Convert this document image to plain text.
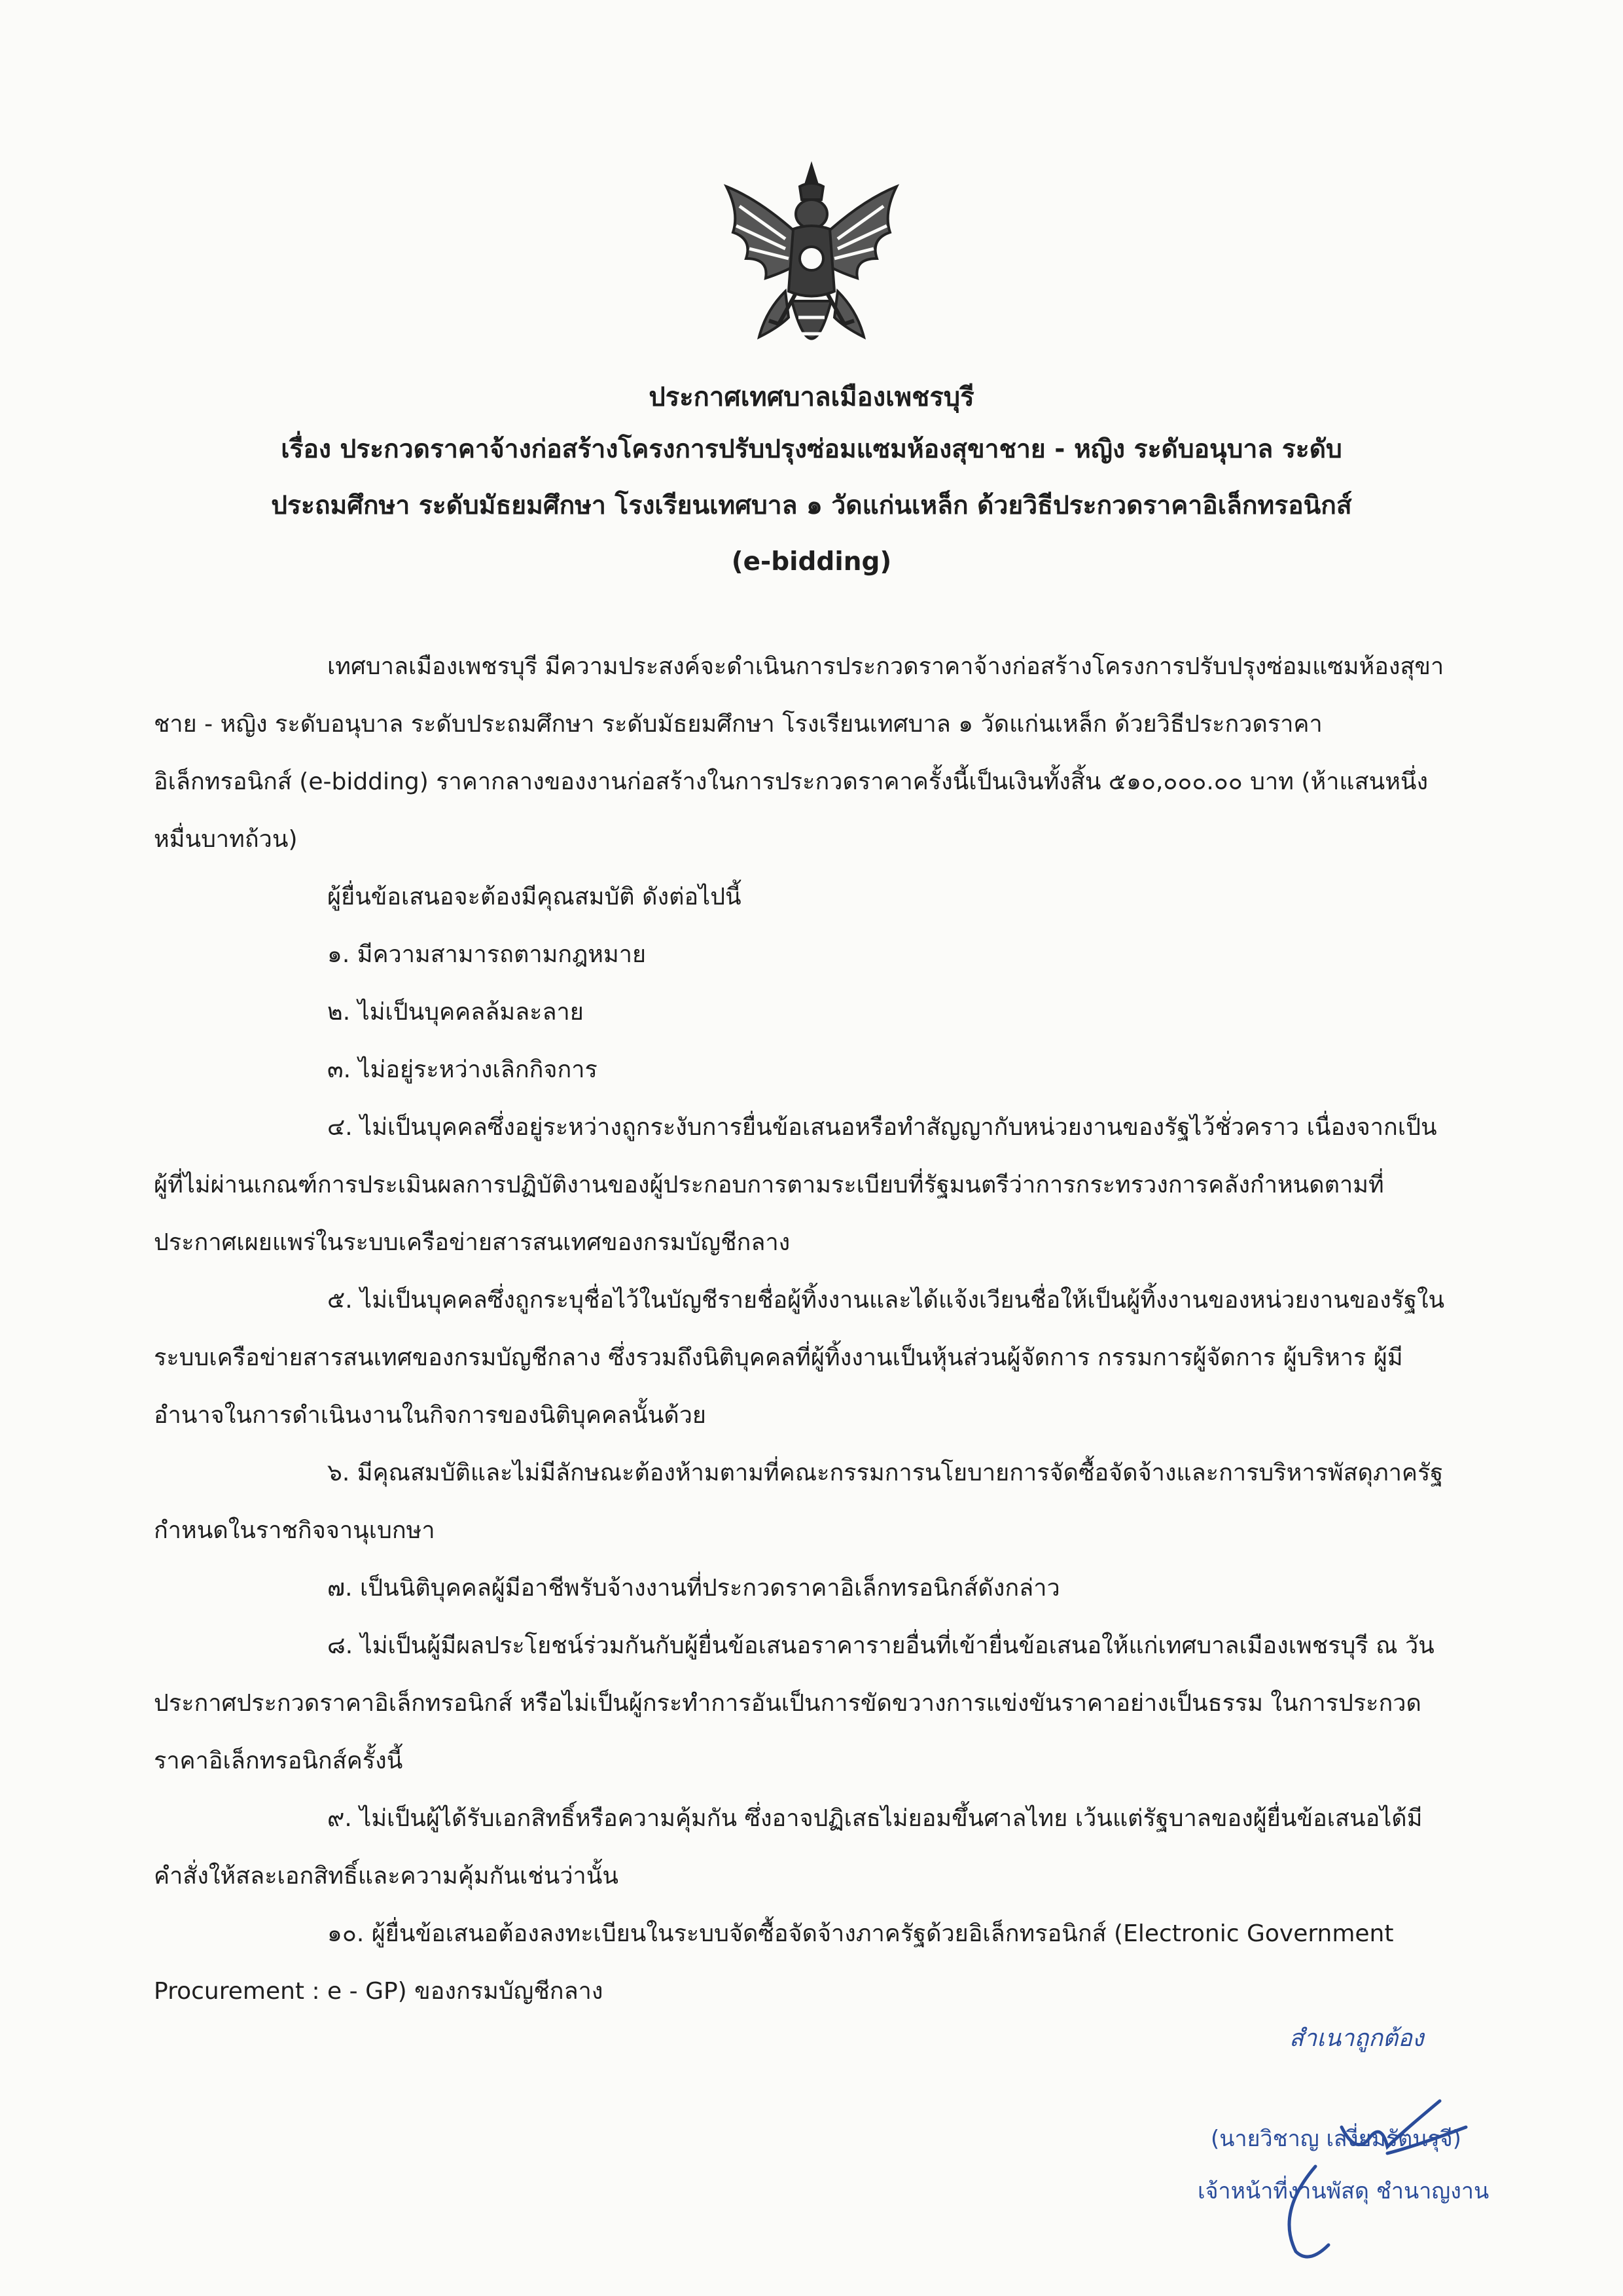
ประกาศเทศบาลเมืองเพชรบุรี
เรื่อง ประกวดราคาจ้างก่อสร้างโครงการปรับปรุงซ่อมแซมห้องสุขาชาย - หญิง ระดับอนุบาล ระดับ
ประถมศึกษา ระดับมัธยมศึกษา โรงเรียนเทศบาล ๑ วัดแก่นเหล็ก ด้วยวิธีประกวดราคาอิเล็กทรอนิกส์
(e-bidding)

เทศบาลเมืองเพชรบุรี มีความประสงค์จะดำเนินการประกวดราคาจ้างก่อสร้างโครงการปรับปรุงซ่อมแซมห้องสุขาชาย - หญิง ระดับอนุบาล ระดับประถมศึกษา ระดับมัธยมศึกษา โรงเรียนเทศบาล ๑ วัดแก่นเหล็ก ด้วยวิธีประกวดราคาอิเล็กทรอนิกส์ (e-bidding) ราคากลางของงานก่อสร้างในการประกวดราคาครั้งนี้เป็นเงินทั้งสิ้น ๕๑๐,๐๐๐.๐๐ บาท (ห้าแสนหนึ่งหมื่นบาทถ้วน)

ผู้ยื่นข้อเสนอจะต้องมีคุณสมบัติ ดังต่อไปนี้

๑. มีความสามารถตามกฎหมาย

๒. ไม่เป็นบุคคลล้มละลาย

๓. ไม่อยู่ระหว่างเลิกกิจการ

๔. ไม่เป็นบุคคลซึ่งอยู่ระหว่างถูกระงับการยื่นข้อเสนอหรือทำสัญญากับหน่วยงานของรัฐไว้ชั่วคราว เนื่องจากเป็นผู้ที่ไม่ผ่านเกณฑ์การประเมินผลการปฏิบัติงานของผู้ประกอบการตามระเบียบที่รัฐมนตรีว่าการกระทรวงการคลังกำหนดตามที่ประกาศเผยแพร่ในระบบเครือข่ายสารสนเทศของกรมบัญชีกลาง

๕. ไม่เป็นบุคคลซึ่งถูกระบุชื่อไว้ในบัญชีรายชื่อผู้ทิ้งงานและได้แจ้งเวียนชื่อให้เป็นผู้ทิ้งงานของหน่วยงานของรัฐในระบบเครือข่ายสารสนเทศของกรมบัญชีกลาง ซึ่งรวมถึงนิติบุคคลที่ผู้ทิ้งงานเป็นหุ้นส่วนผู้จัดการ กรรมการผู้จัดการ ผู้บริหาร ผู้มีอำนาจในการดำเนินงานในกิจการของนิติบุคคลนั้นด้วย

๖. มีคุณสมบัติและไม่มีลักษณะต้องห้ามตามที่คณะกรรมการนโยบายการจัดซื้อจัดจ้างและการบริหารพัสดุภาครัฐกำหนดในราชกิจจานุเบกษา

๗. เป็นนิติบุคคลผู้มีอาชีพรับจ้างงานที่ประกวดราคาอิเล็กทรอนิกส์ดังกล่าว

๘. ไม่เป็นผู้มีผลประโยชน์ร่วมกันกับผู้ยื่นข้อเสนอราคารายอื่นที่เข้ายื่นข้อเสนอให้แก่เทศบาลเมืองเพชรบุรี ณ วันประกาศประกวดราคาอิเล็กทรอนิกส์ หรือไม่เป็นผู้กระทำการอันเป็นการขัดขวางการแข่งขันราคาอย่างเป็นธรรม ในการประกวดราคาอิเล็กทรอนิกส์ครั้งนี้

๙. ไม่เป็นผู้ได้รับเอกสิทธิ์หรือความคุ้มกัน ซึ่งอาจปฏิเสธไม่ยอมขึ้นศาลไทย เว้นแต่รัฐบาลของผู้ยื่นข้อเสนอได้มีคำสั่งให้สละเอกสิทธิ์และความคุ้มกันเช่นว่านั้น

๑๐. ผู้ยื่นข้อเสนอต้องลงทะเบียนในระบบจัดซื้อจัดจ้างภาครัฐด้วยอิเล็กทรอนิกส์ (Electronic Government Procurement : e - GP) ของกรมบัญชีกลาง

สำเนาถูกต้อง
(นายวิชาญ เสงี่ยมรัตนรุจี)
เจ้าหน้าที่งานพัสดุ ชำนาญงาน
